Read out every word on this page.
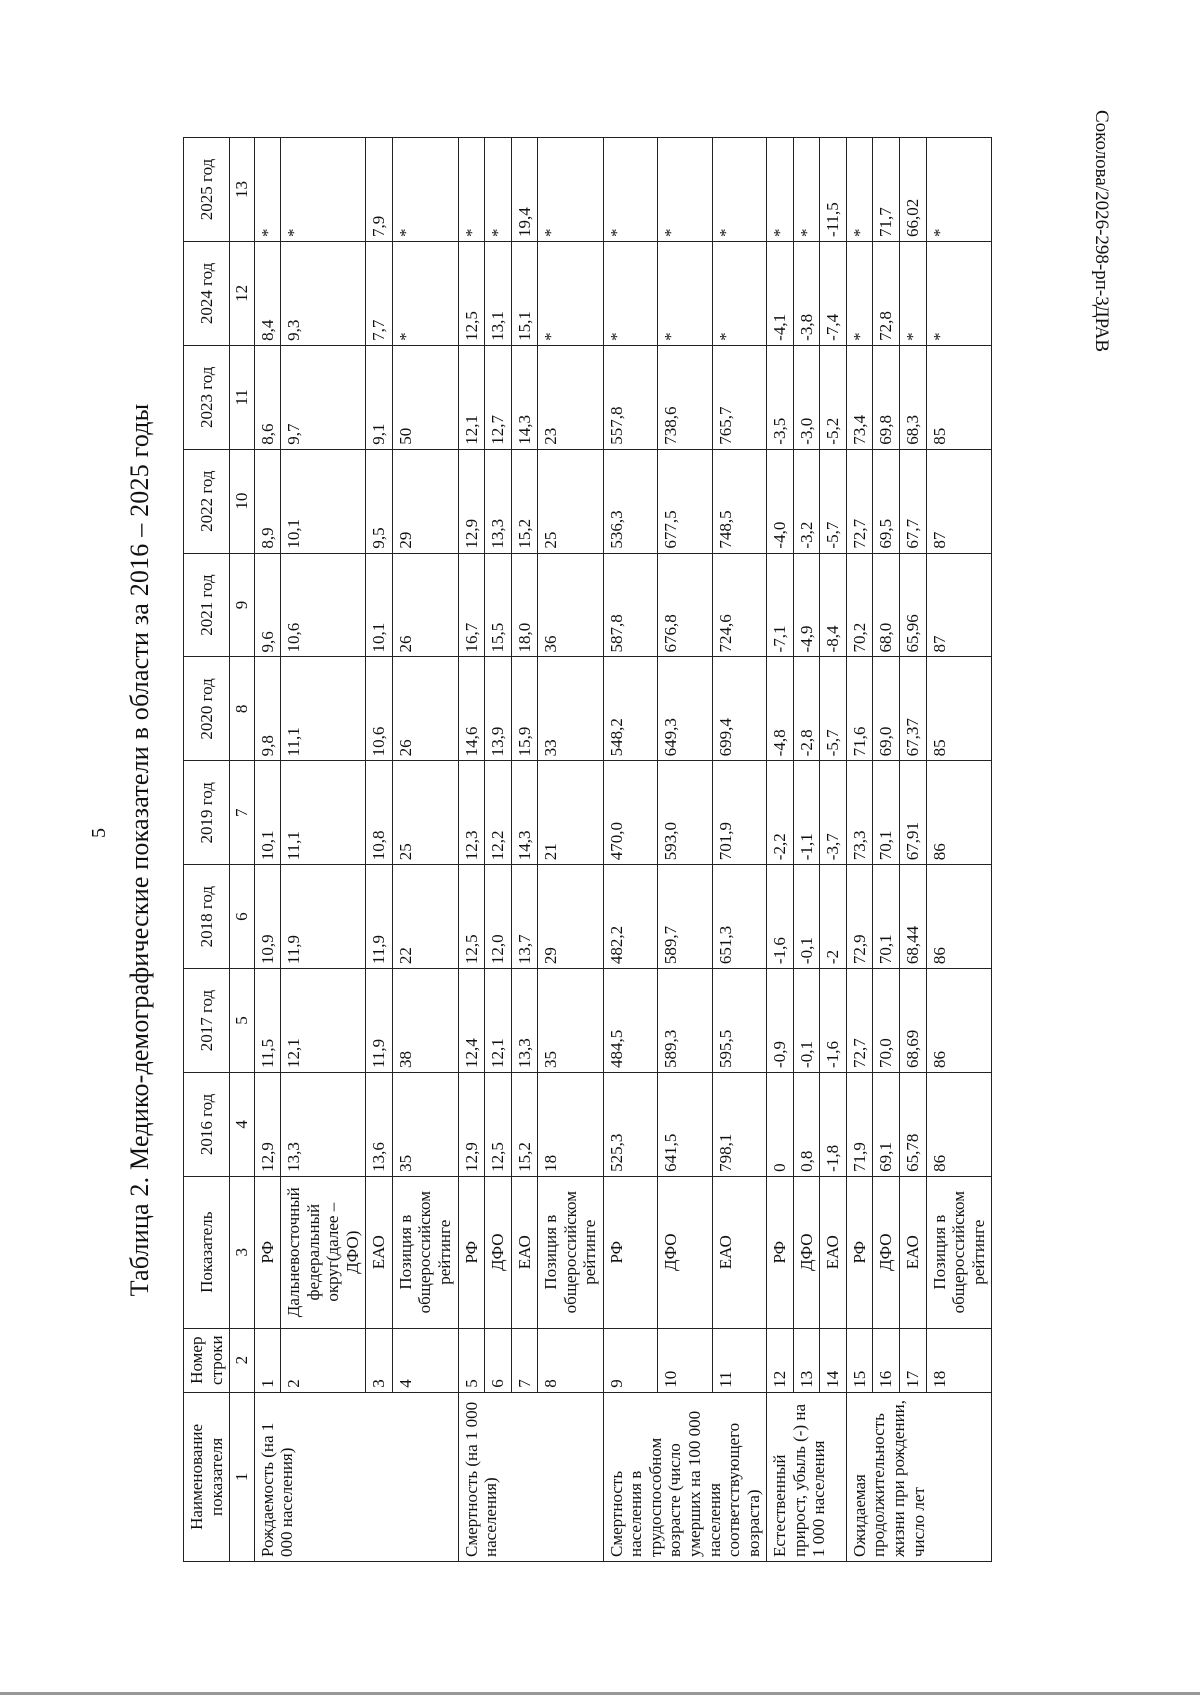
5
Соколова/2026-298-рп-ЗДРАВ
Таблица 2. Медико-демографические показатели в области за 2016 – 2025 годы
Наименование показателя	Номер строки	Показатель	2016 год	2017 год	2018 год	2019 год	2020 год	2021 год	2022 год	2023 год	2024 год	2025 год
1	2	3	4	5	6	7	8	9	10	11	12	13
Рождаемость (на 1 000 населения)	1	РФ	12,9	11,5	10,9	10,1	9,8	9,6	8,9	8,6	8,4	*
	2	Дальневосточный федеральный округ(далее – ДФО)	13,3	12,1	11,9	11,1	11,1	10,6	10,1	9,7	9,3	*
	3	ЕАО	13,6	11,9	11,9	10,8	10,6	10,1	9,5	9,1	7,7	7,9
	4	Позиция в общероссийском рейтинге	35	38	22	25	26	26	29	50	*	*
Смертность (на 1 000 населения)	5	РФ	12,9	12,4	12,5	12,3	14,6	16,7	12,9	12,1	12,5	*
	6	ДФО	12,5	12,1	12,0	12,2	13,9	15,5	13,3	12,7	13,1	*
	7	ЕАО	15,2	13,3	13,7	14,3	15,9	18,0	15,2	14,3	15,1	19,4
	8	Позиция в общероссийском рейтинге	18	35	29	21	33	36	25	23	*	*
Смертность населения в трудоспособном возрасте (число умерших на 100 000 населения соответствующего возраста)	9	РФ	525,3	484,5	482,2	470,0	548,2	587,8	536,3	557,8	*	*
	10	ДФО	641,5	589,3	589,7	593,0	649,3	676,8	677,5	738,6	*	*
	11	ЕАО	798,1	595,5	651,3	701,9	699,4	724,6	748,5	765,7	*	*
Естественный прирост, убыль (-) на 1 000 населения	12	РФ	0	-0,9	-1,6	-2,2	-4,8	-7,1	-4,0	-3,5	-4,1	*
	13	ДФО	0,8	-0,1	-0,1	-1,1	-2,8	-4,9	-3,2	-3,0	-3,8	*
	14	ЕАО	-1,8	-1,6	-2	-3,7	-5,7	-8,4	-5,7	-5,2	-7,4	-11,5
Ожидаемая продолжительность жизни при рождении, число лет	15	РФ	71,9	72,7	72,9	73,3	71,6	70,2	72,7	73,4	*	*
	16	ДФО	69,1	70,0	70,1	70,1	69,0	68,0	69,5	69,8	72,8	71,7
	17	ЕАО	65,78	68,69	68,44	67,91	67,37	65,96	67,7	68,3	*	66,02
	18	Позиция в общероссийском рейтинге	86	86	86	86	85	87	87	85	*	*
